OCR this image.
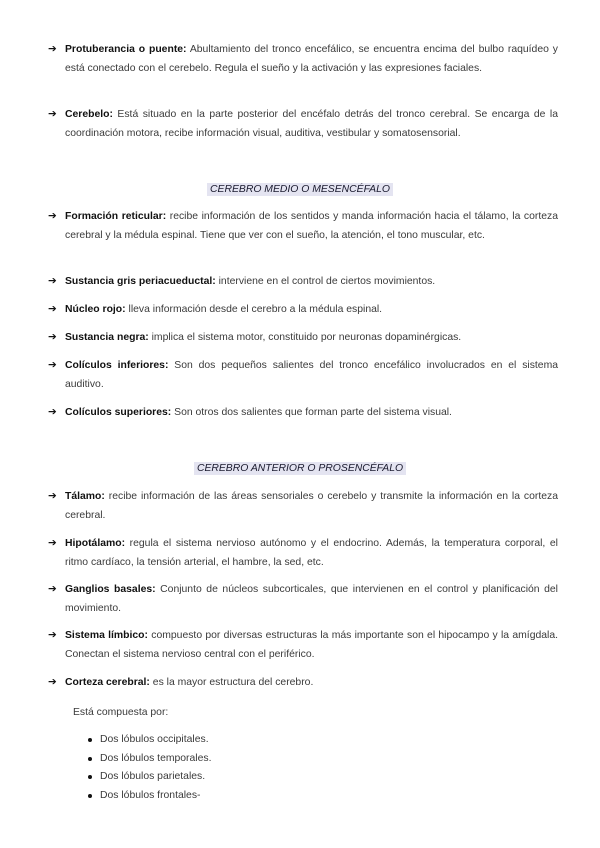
➔ Protuberancia o puente: Abultamiento del tronco encefálico, se encuentra encima del bulbo raquídeo y está conectado con el cerebelo. Regula el sueño y la activación y las expresiones faciales.
➔ Cerebelo: Está situado en la parte posterior del encéfalo detrás del tronco cerebral. Se encarga de la coordinación motora, recibe información visual, auditiva, vestibular y somatosensorial.
CEREBRO MEDIO O MESENCÉFALO
➔ Formación reticular: recibe información de los sentidos y manda información hacia el tálamo, la corteza cerebral y la médula espinal. Tiene que ver con el sueño, la atención, el tono muscular, etc.
➔ Sustancia gris periacueductal: interviene en el control de ciertos movimientos.
➔ Núcleo rojo: lleva información desde el cerebro a la médula espinal.
➔ Sustancia negra: implica el sistema motor, constituido por neuronas dopaminérgicas.
➔ Colículos inferiores: Son dos pequeños salientes del tronco encefálico involucrados en el sistema auditivo.
➔ Colículos superiores: Son otros dos salientes que forman parte del sistema visual.
CEREBRO ANTERIOR O PROSENCÉFALO
➔ Tálamo: recibe información de las áreas sensoriales o cerebelo y transmite la información en la corteza cerebral.
➔ Hipotálamo: regula el sistema nervioso autónomo y el endocrino. Además, la temperatura corporal, el ritmo cardíaco, la tensión arterial, el hambre, la sed, etc.
➔ Ganglios basales: Conjunto de núcleos subcorticales, que intervienen en el control y planificación del movimiento.
➔ Sistema límbico: compuesto por diversas estructuras la más importante son el hipocampo y la amígdala. Conectan el sistema nervioso central con el periférico.
➔ Corteza cerebral: es la mayor estructura del cerebro.
Está compuesta por:
Dos lóbulos occipitales.
Dos lóbulos temporales.
Dos lóbulos parietales.
Dos lóbulos frontales-
